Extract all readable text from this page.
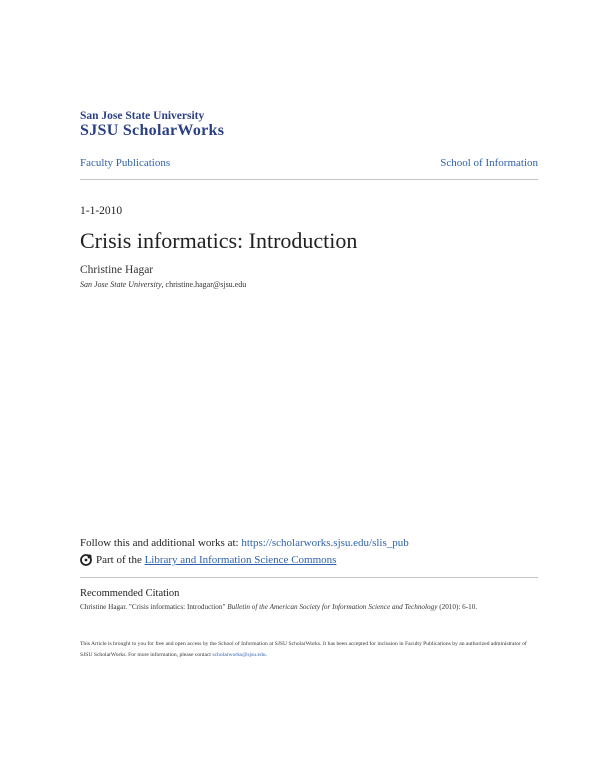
San Jose State University
SJSU ScholarWorks
Faculty Publications	School of Information
1-1-2010
Crisis informatics: Introduction
Christine Hagar
San Jose State University, christine.hagar@sjsu.edu
Follow this and additional works at: https://scholarworks.sjsu.edu/slis_pub
Part of the
Library and Information Science Commons
Recommended Citation
Christine Hagar. "Crisis informatics: Introduction" Bulletin of the American Society for Information Science and Technology (2010): 6-10.
This Article is brought to you for free and open access by the School of Information at SJSU ScholarWorks. It has been accepted for inclusion in Faculty Publications by an authorized administrator of SJSU ScholarWorks. For more information, please contact scholarworks@sjsu.edu.
